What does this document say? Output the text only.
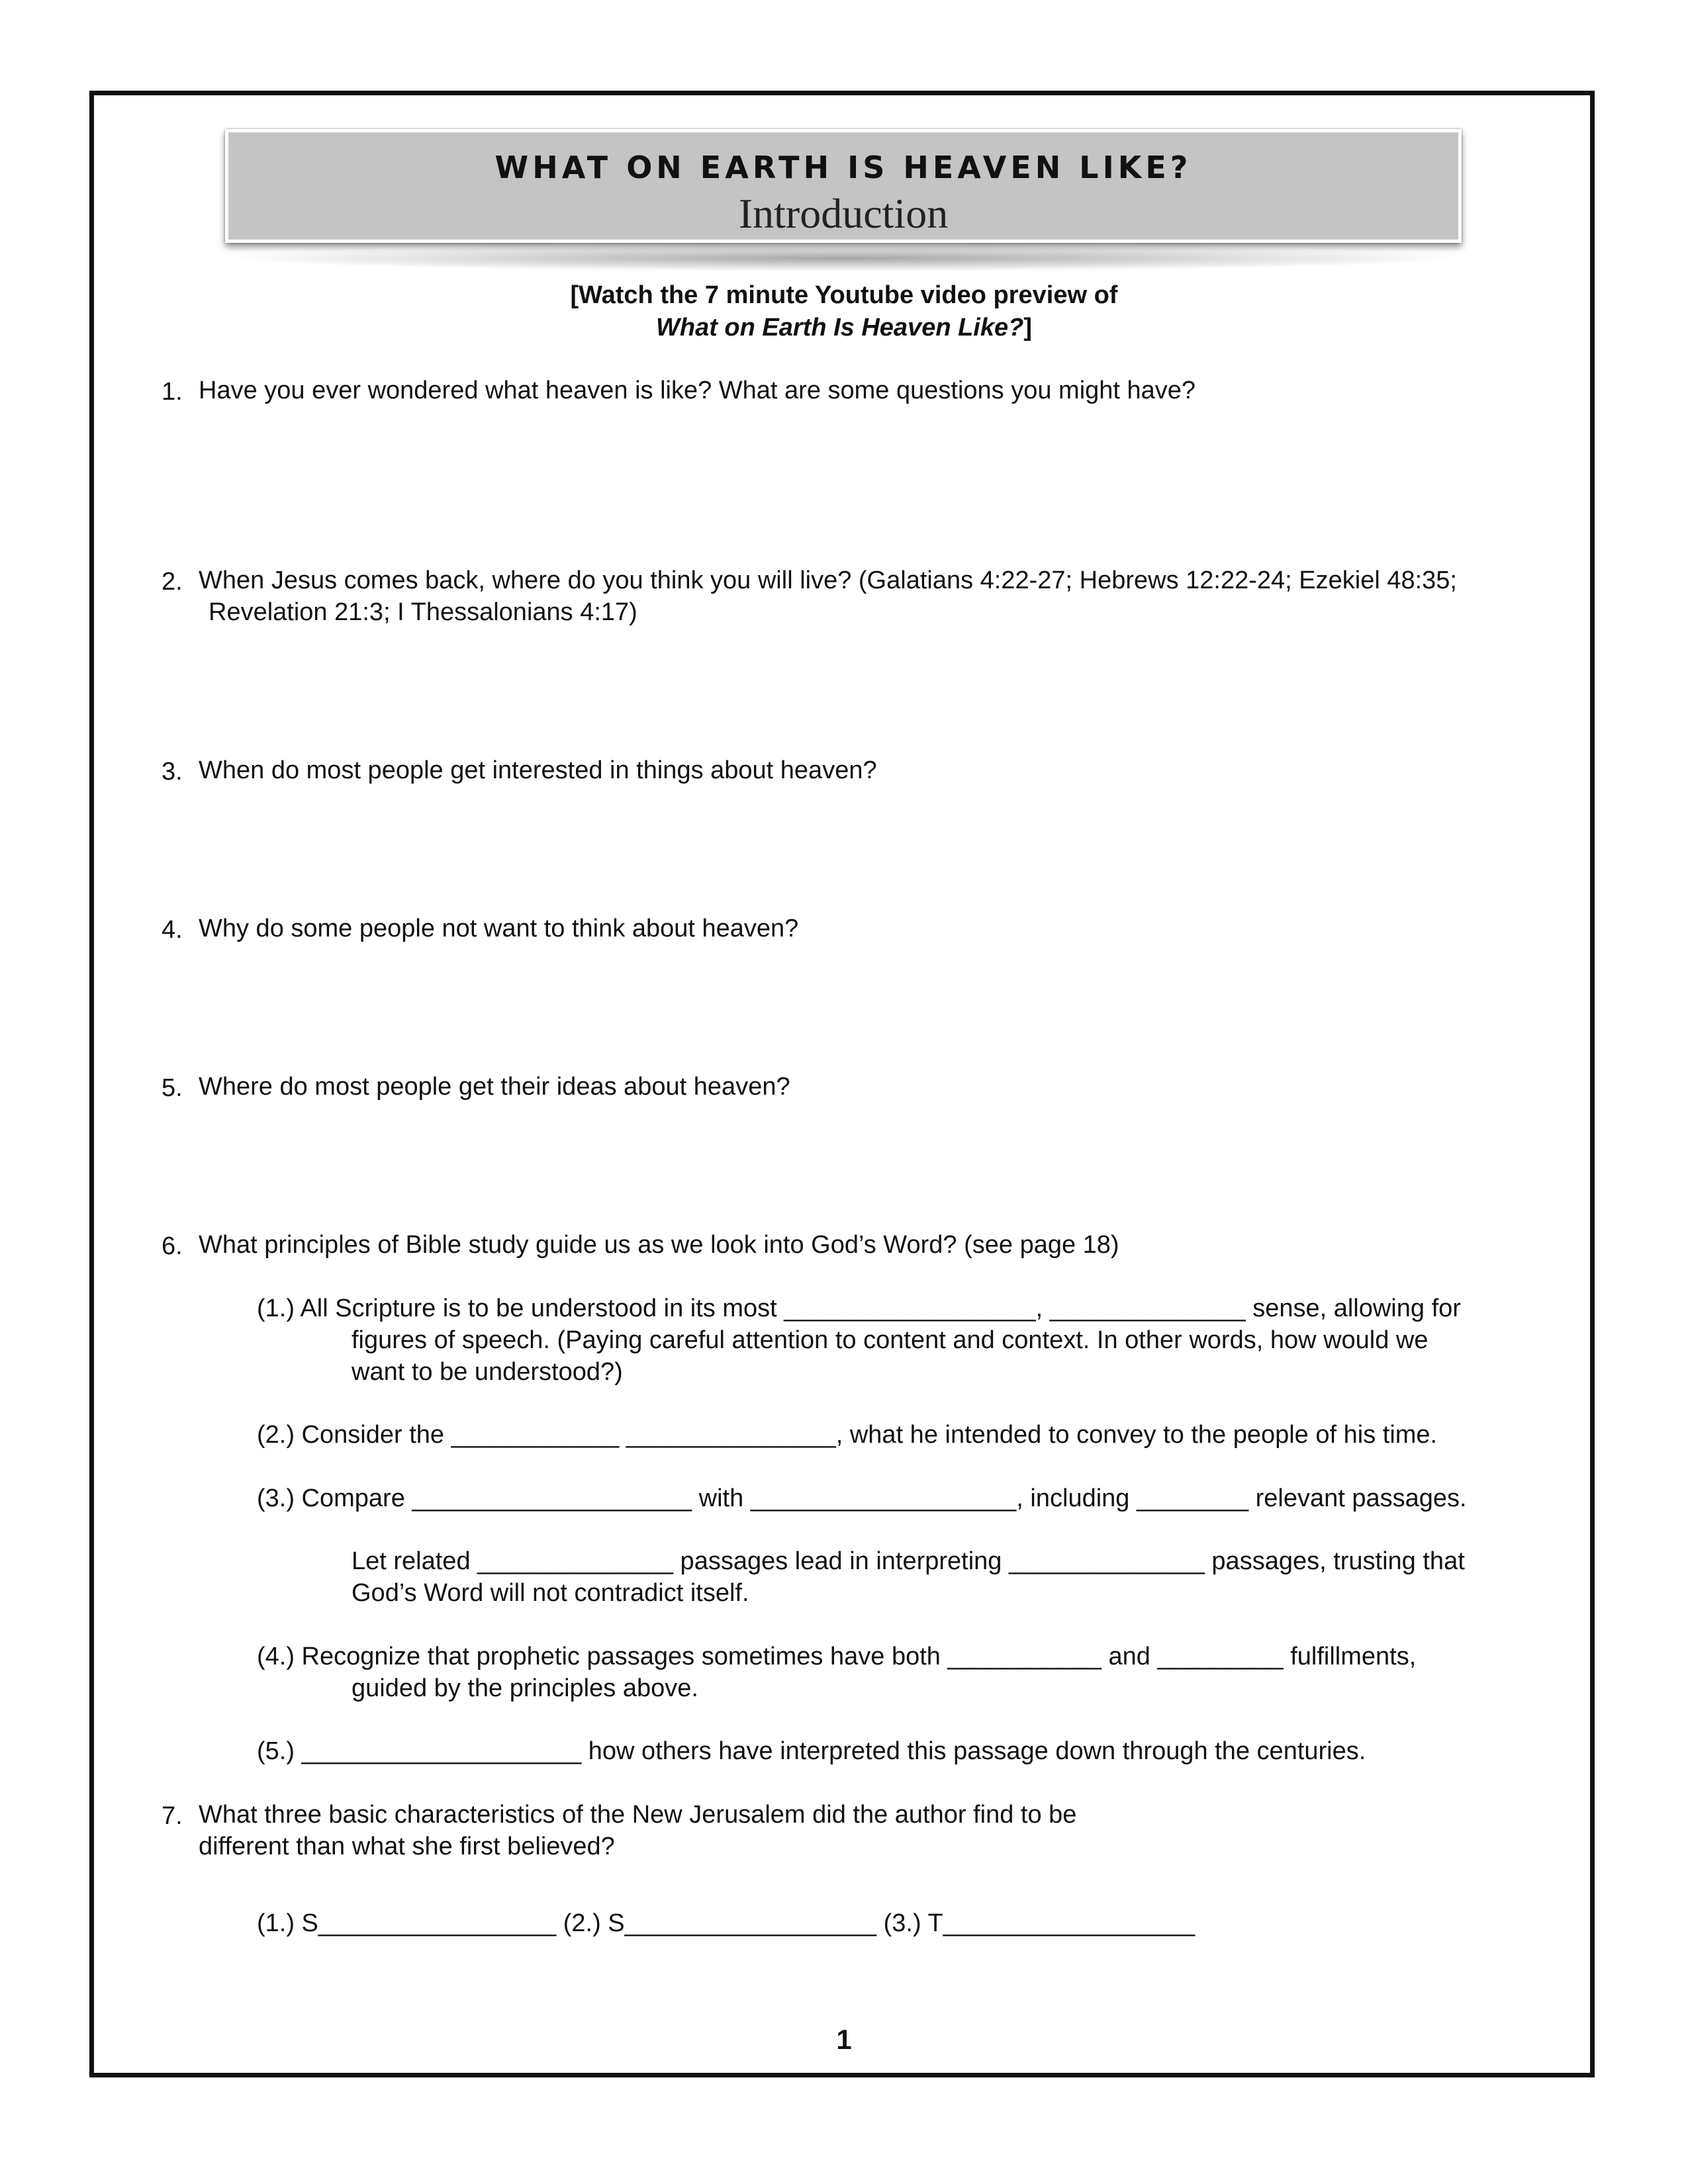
WHAT ON EARTH IS HEAVEN LIKE?
Introduction
[Watch the 7 minute Youtube video preview of
What on Earth Is Heaven Like?]
1. Have you ever wondered what heaven is like? What are some questions you might have?
2. When Jesus comes back, where do you think you will live? (Galatians 4:22-27; Hebrews 12:22-24; Ezekiel 48:35;
Revelation 21:3; I Thessalonians 4:17)
3. When do most people get interested in things about heaven?
4. Why do some people not want to think about heaven?
5. Where do most people get their ideas about heaven?
6. What principles of Bible study guide us as we look into God’s Word? (see page 18)
(1.) All Scripture is to be understood in its most __________________, ______________ sense, allowing for
figures of speech. (Paying careful attention to content and context. In other words, how would we
want to be understood?)
(2.) Consider the ____________ _______________, what he intended to convey to the people of his time.
(3.) Compare ____________________ with ___________________, including ________ relevant passages.
Let related ______________ passages lead in interpreting ______________ passages, trusting that
God’s Word will not contradict itself.
(4.) Recognize that prophetic passages sometimes have both ___________ and _________ fulfillments,
guided by the principles above.
(5.) ____________________ how others have interpreted this passage down through the centuries.
7. What three basic characteristics of the New Jerusalem did the author find to be
different than what she first believed?
(1.) S_________________ (2.) S__________________ (3.) T__________________
1
